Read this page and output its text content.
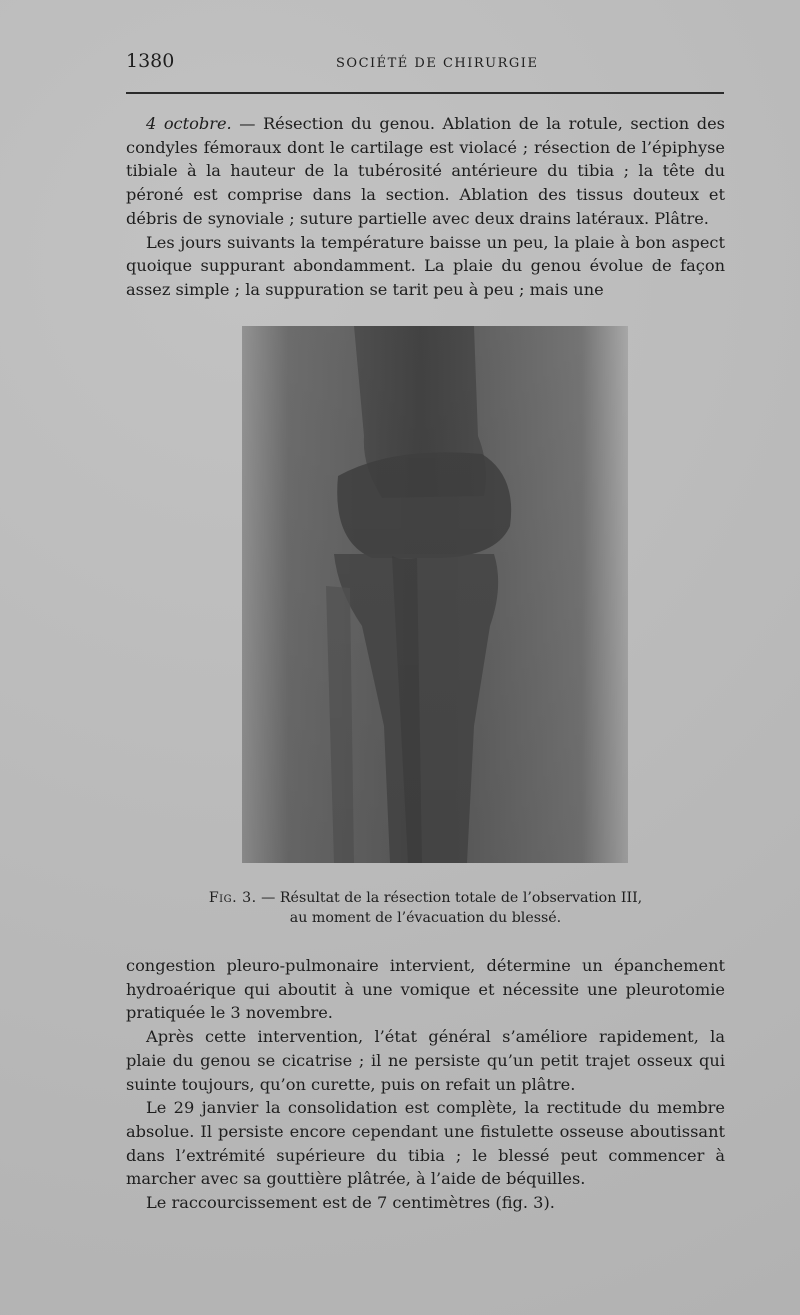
1380	SOCIÉTÉ DE CHIRURGIE

4 octobre. — Résection du genou. Ablation de la rotule, section des condyles fémoraux dont le cartilage est violacé ; résection de l’épiphyse tibiale à la hauteur de la tubérosité antérieure du tibia ; la tête du péroné est comprise dans la section. Ablation des tissus douteux et débris de synoviale ; suture partielle avec deux drains latéraux. Plâtre.

Les jours suivants la température baisse un peu, la plaie à bon aspect quoique suppurant abondamment. La plaie du genou évolue de façon assez simple ; la suppuration se tarit peu à peu ; mais une

Fig. 3. — Résultat de la résection totale de l’observation III,
au moment de l’évacuation du blessé.

congestion pleuro-pulmonaire intervient, détermine un épanchement hydroaérique qui aboutit à une vomique et nécessite une pleurotomie pratiquée le 3 novembre.

Après cette intervention, l’état général s’améliore rapidement, la plaie du genou se cicatrise ; il ne persiste qu’un petit trajet osseux qui suinte toujours, qu’on curette, puis on refait un plâtre.

Le 29 janvier la consolidation est complète, la rectitude du membre absolue. Il persiste encore cependant une fistulette osseuse aboutissant dans l’extrémité supérieure du tibia ; le blessé peut commencer à marcher avec sa gouttière plâtrée, à l’aide de béquilles.

Le raccourcissement est de 7 centimètres (fig. 3).
